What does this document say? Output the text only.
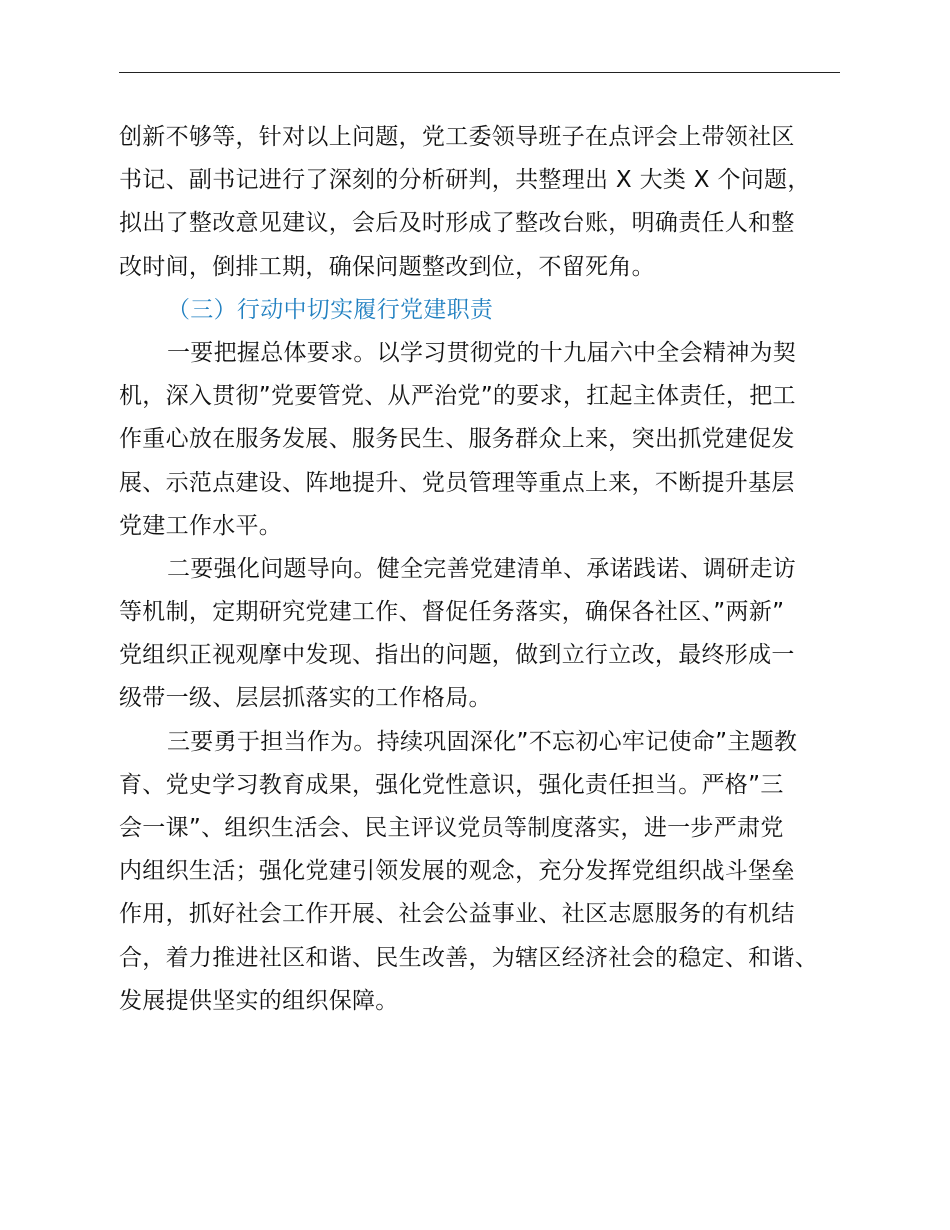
创新不够等，针对以上问题，党工委领导班子在点评会上带领社区
书记、副书记进行了深刻的分析研判，共整理出 X 大类 X 个问题，
拟出了整改意见建议，会后及时形成了整改台账，明确责任人和整
改时间，倒排工期，确保问题整改到位，不留死角。
（三）行动中切实履行党建职责
一要把握总体要求。以学习贯彻党的十九届六中全会精神为契
机，深入贯彻”党要管党、从严治党”的要求，扛起主体责任，把工
作重心放在服务发展、服务民生、服务群众上来，突出抓党建促发
展、示范点建设、阵地提升、党员管理等重点上来，不断提升基层
党建工作水平。
二要强化问题导向。健全完善党建清单、承诺践诺、调研走访
等机制，定期研究党建工作、督促任务落实，确保各社区、”两新”
党组织正视观摩中发现、指出的问题，做到立行立改，最终形成一
级带一级、层层抓落实的工作格局。
三要勇于担当作为。持续巩固深化”不忘初心牢记使命”主题教
育、党史学习教育成果，强化党性意识，强化责任担当。严格”三
会一课”、组织生活会、民主评议党员等制度落实，进一步严肃党
内组织生活；强化党建引领发展的观念，充分发挥党组织战斗堡垒
作用，抓好社会工作开展、社会公益事业、社区志愿服务的有机结
合，着力推进社区和谐、民生改善，为辖区经济社会的稳定、和谐、
发展提供坚实的组织保障。
